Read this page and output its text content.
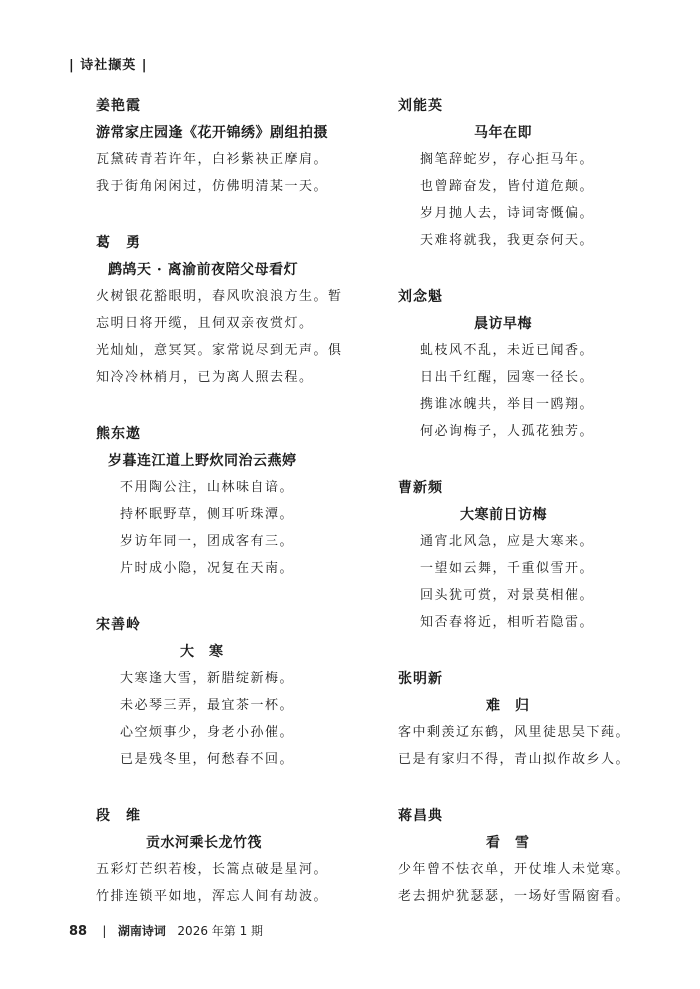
| 诗社撷英 |
姜艳霞
游常家庄园逢《花开锦绣》剧组拍摄
瓦黛砖青若许年，白衫紫袂正摩肩。
我于街角闲闲过，仿佛明清某一天。
葛　勇
鹧鸪天 · 离渝前夜陪父母看灯
火树银花豁眼明，春风吹浪浪方生。暂
忘明日将开缆，且伺双亲夜赏灯。
光灿灿，意冥冥。家常说尽到无声。俱
知冷冷林梢月，已为离人照去程。
熊东遨
岁暮连江道上野炊同治云燕婷
不用陶公注，山林味自谙。
持杯眠野草，侧耳听珠潭。
岁访年同一，团成客有三。
片时成小隐，况复在天南。
宋善岭
大　寒
大寒逢大雪，新腊绽新梅。
未必琴三弄，最宜茶一杯。
心空烦事少，身老小孙催。
已是残冬里，何愁春不回。
段　维
贡水河乘长龙竹筏
五彩灯芒织若梭，长篙点破是星河。
竹排连锁平如地，浑忘人间有劫波。
刘能英
马年在即
搁笔辞蛇岁，存心拒马年。
也曾蹄奋发，皆付道危颠。
岁月抛人去，诗词寄慨偏。
天难将就我，我更奈何天。
刘念魁
晨访早梅
虬枝风不乱，未近已闻香。
日出千红醒，园寒一径长。
携谁冰魄共，举目一鸥翔。
何必询梅子，人孤花独芳。
曹新频
大寒前日访梅
通宵北风急，应是大寒来。
一望如云舞，千重似雪开。
回头犹可赏，对景莫相催。
知否春将近，相听若隐雷。
张明新
难　归
客中剩羡辽东鹤，风里徒思吴下莼。
已是有家归不得，青山拟作故乡人。
蒋昌典
看　雪
少年曾不怯衣单，开仗堆人未觉寒。
老去拥炉犹瑟瑟，一场好雪隔窗看。
88 | 湖南诗词 2026 年第 1 期
